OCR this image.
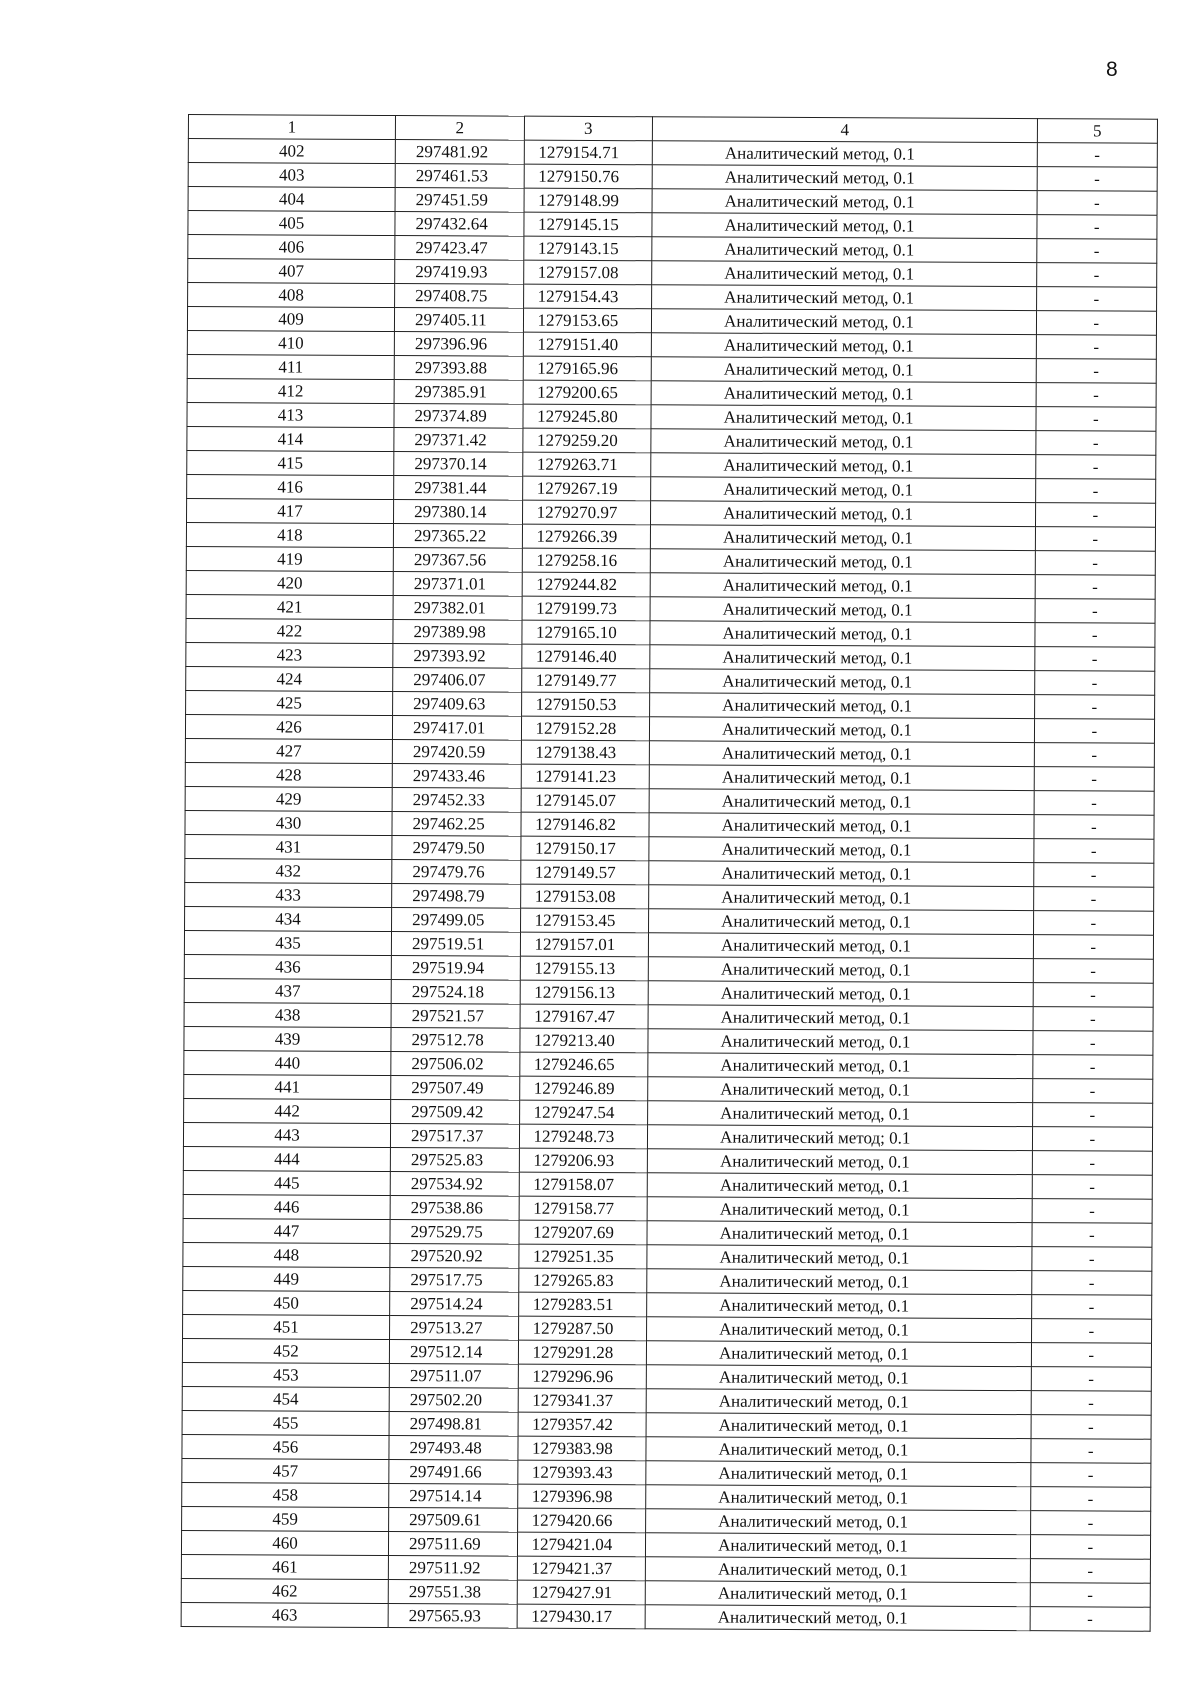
8
1	2	3	4	5
402	297481.92	1279154.71	Аналитический метод, 0.1	-
403	297461.53	1279150.76	Аналитический метод, 0.1	-
404	297451.59	1279148.99	Аналитический метод, 0.1	-
405	297432.64	1279145.15	Аналитический метод, 0.1	-
406	297423.47	1279143.15	Аналитический метод, 0.1	-
407	297419.93	1279157.08	Аналитический метод, 0.1	-
408	297408.75	1279154.43	Аналитический метод, 0.1	-
409	297405.11	1279153.65	Аналитический метод, 0.1	-
410	297396.96	1279151.40	Аналитический метод, 0.1	-
411	297393.88	1279165.96	Аналитический метод, 0.1	-
412	297385.91	1279200.65	Аналитический метод, 0.1	-
413	297374.89	1279245.80	Аналитический метод, 0.1	-
414	297371.42	1279259.20	Аналитический метод, 0.1	-
415	297370.14	1279263.71	Аналитический метод, 0.1	-
416	297381.44	1279267.19	Аналитический метод, 0.1	-
417	297380.14	1279270.97	Аналитический метод, 0.1	-
418	297365.22	1279266.39	Аналитический метод, 0.1	-
419	297367.56	1279258.16	Аналитический метод, 0.1	-
420	297371.01	1279244.82	Аналитический метод, 0.1	-
421	297382.01	1279199.73	Аналитический метод, 0.1	-
422	297389.98	1279165.10	Аналитический метод, 0.1	-
423	297393.92	1279146.40	Аналитический метод, 0.1	-
424	297406.07	1279149.77	Аналитический метод, 0.1	-
425	297409.63	1279150.53	Аналитический метод, 0.1	-
426	297417.01	1279152.28	Аналитический метод, 0.1	-
427	297420.59	1279138.43	Аналитический метод, 0.1	-
428	297433.46	1279141.23	Аналитический метод, 0.1	-
429	297452.33	1279145.07	Аналитический метод, 0.1	-
430	297462.25	1279146.82	Аналитический метод, 0.1	-
431	297479.50	1279150.17	Аналитический метод, 0.1	-
432	297479.76	1279149.57	Аналитический метод, 0.1	-
433	297498.79	1279153.08	Аналитический метод, 0.1	-
434	297499.05	1279153.45	Аналитический метод, 0.1	-
435	297519.51	1279157.01	Аналитический метод, 0.1	-
436	297519.94	1279155.13	Аналитический метод, 0.1	-
437	297524.18	1279156.13	Аналитический метод, 0.1	-
438	297521.57	1279167.47	Аналитический метод, 0.1	-
439	297512.78	1279213.40	Аналитический метод, 0.1	-
440	297506.02	1279246.65	Аналитический метод, 0.1	-
441	297507.49	1279246.89	Аналитический метод, 0.1	-
442	297509.42	1279247.54	Аналитический метод, 0.1	-
443	297517.37	1279248.73	Аналитический метод; 0.1	-
444	297525.83	1279206.93	Аналитический метод, 0.1	-
445	297534.92	1279158.07	Аналитический метод, 0.1	-
446	297538.86	1279158.77	Аналитический метод, 0.1	-
447	297529.75	1279207.69	Аналитический метод, 0.1	-
448	297520.92	1279251.35	Аналитический метод, 0.1	-
449	297517.75	1279265.83	Аналитический метод, 0.1	-
450	297514.24	1279283.51	Аналитический метод, 0.1	-
451	297513.27	1279287.50	Аналитический метод, 0.1	-
452	297512.14	1279291.28	Аналитический метод, 0.1	-
453	297511.07	1279296.96	Аналитический метод, 0.1	-
454	297502.20	1279341.37	Аналитический метод, 0.1	-
455	297498.81	1279357.42	Аналитический метод, 0.1	-
456	297493.48	1279383.98	Аналитический метод, 0.1	-
457	297491.66	1279393.43	Аналитический метод, 0.1	-
458	297514.14	1279396.98	Аналитический метод, 0.1	-
459	297509.61	1279420.66	Аналитический метод, 0.1	-
460	297511.69	1279421.04	Аналитический метод, 0.1	-
461	297511.92	1279421.37	Аналитический метод, 0.1	-
462	297551.38	1279427.91	Аналитический метод, 0.1	-
463	297565.93	1279430.17	Аналитический метод, 0.1	-
